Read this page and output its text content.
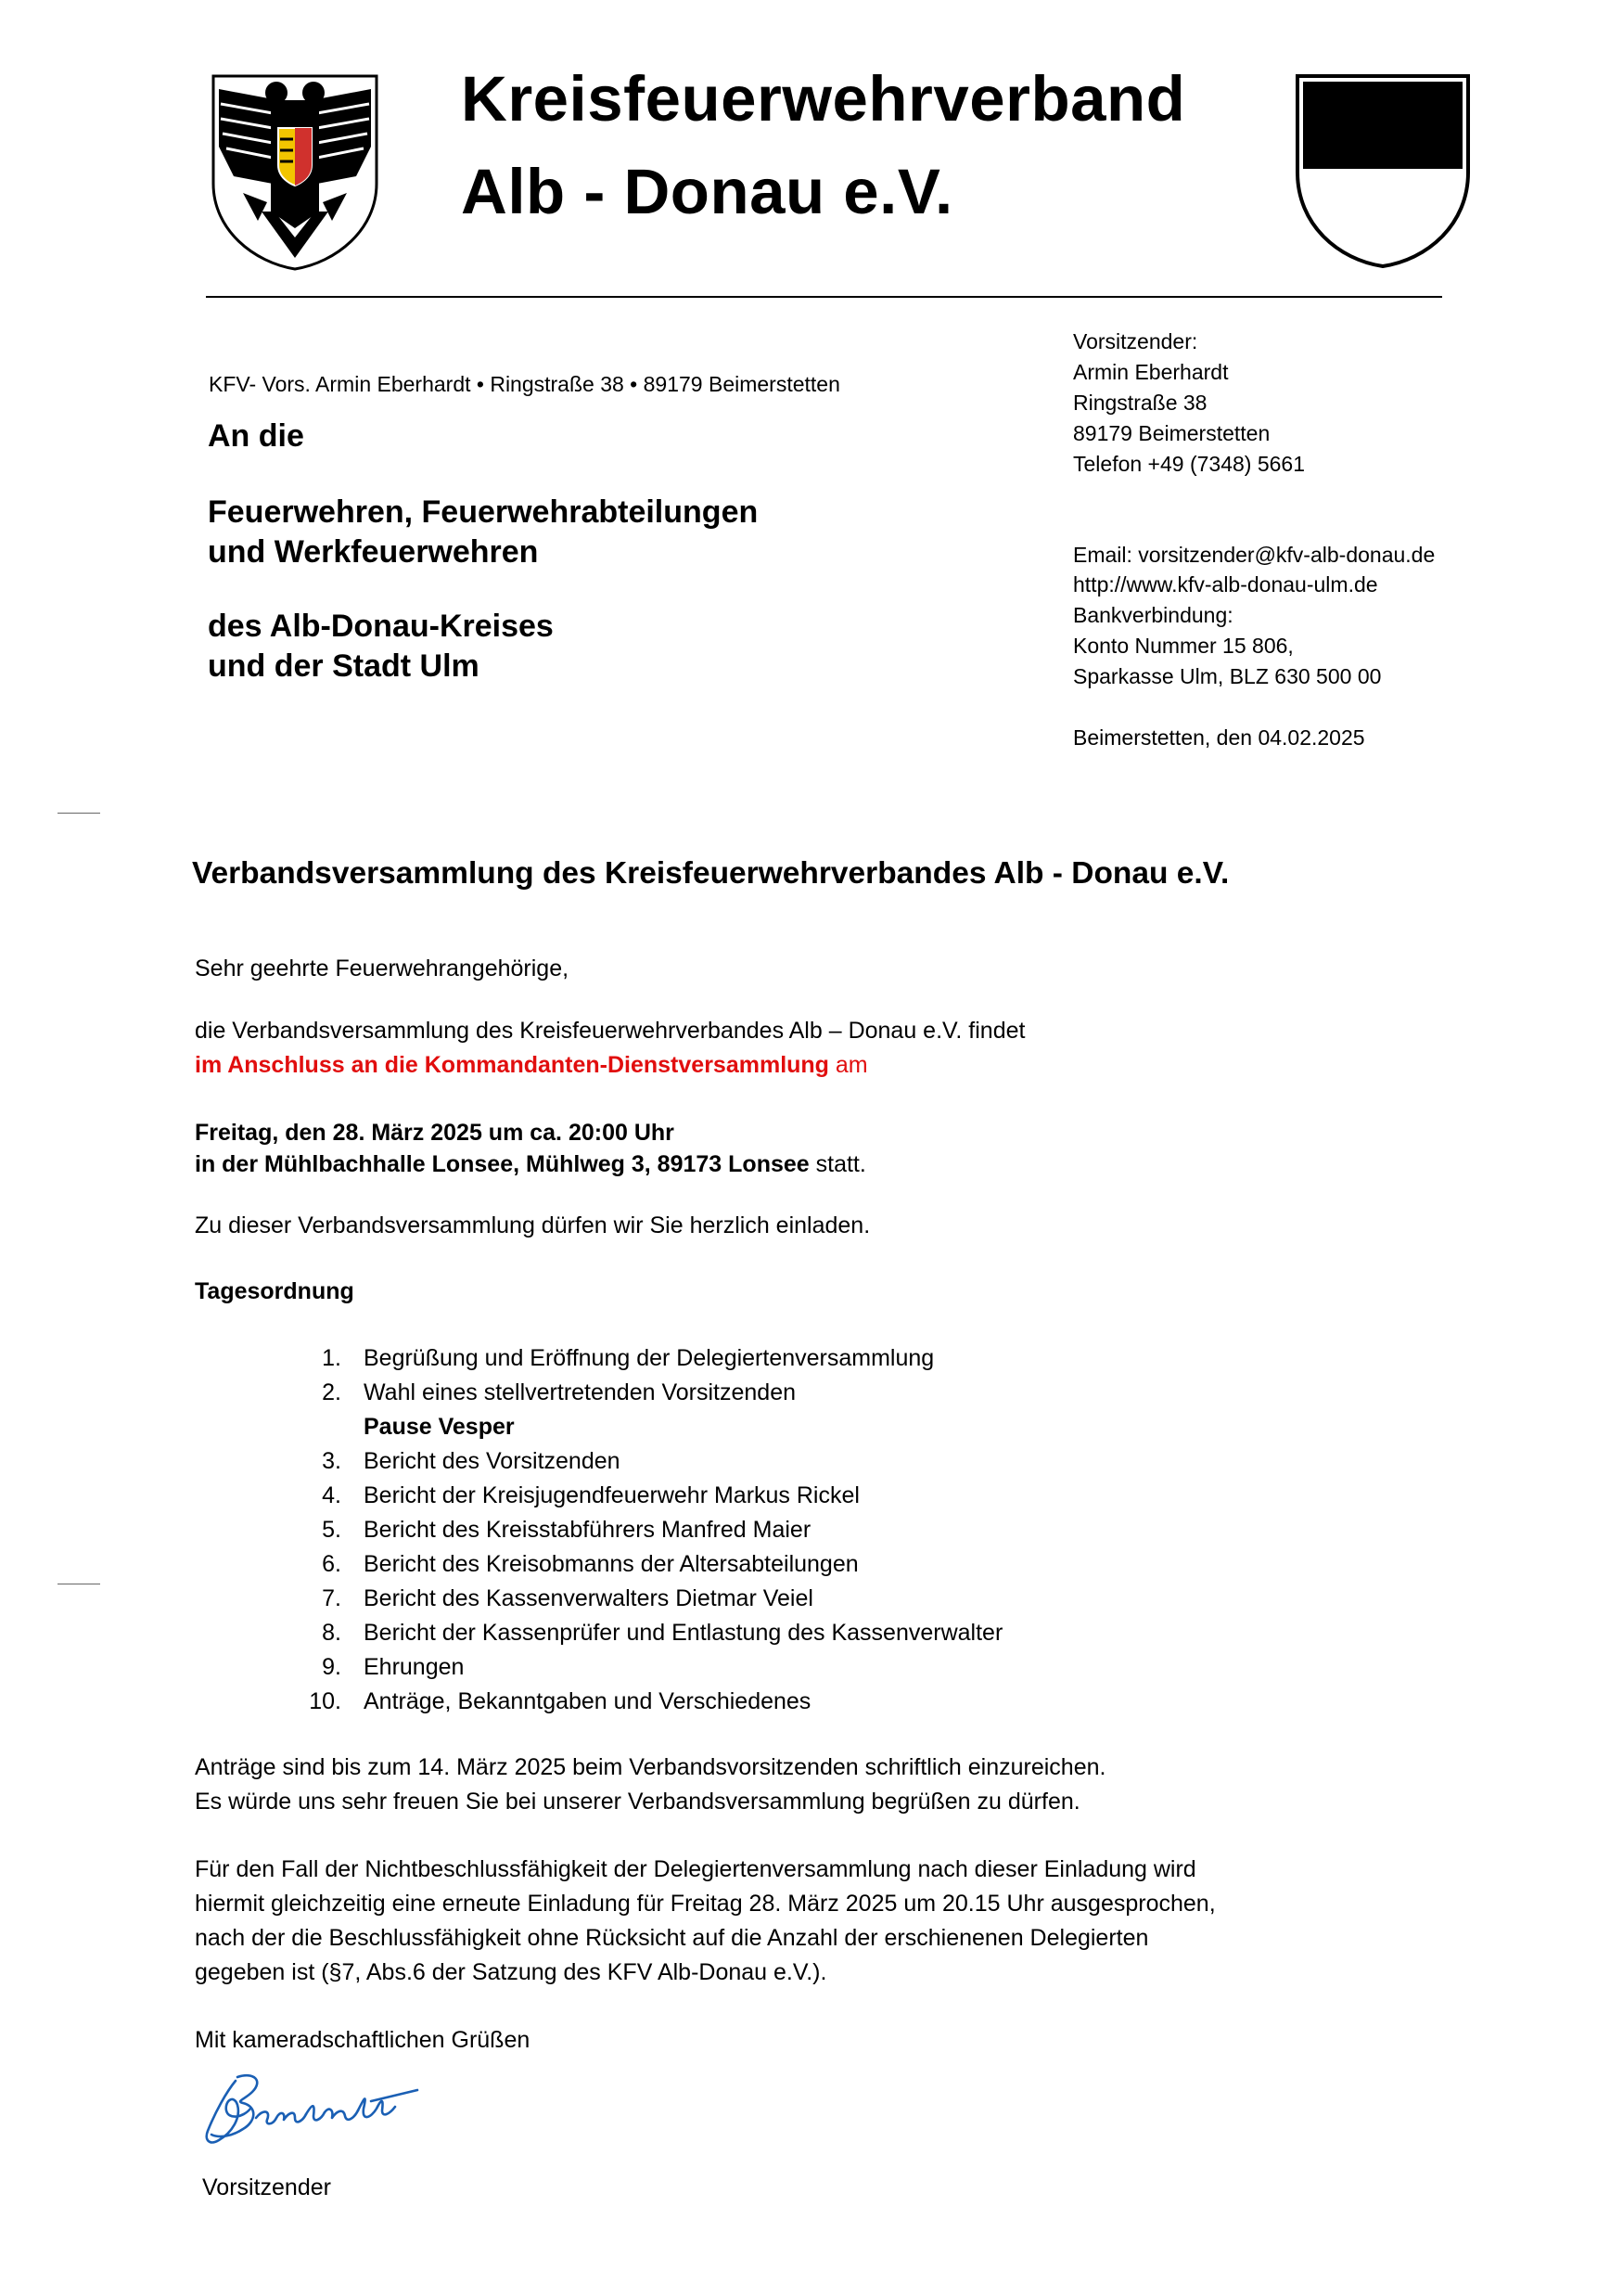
Kreisfeuerwehrverband
Alb - Donau e.V.
KFV- Vors. Armin Eberhardt • Ringstraße 38 • 89179 Beimerstetten
An die
Feuerwehren, Feuerwehrabteilungen
und Werkfeuerwehren
des Alb-Donau-Kreises
und der Stadt Ulm
Vorsitzender:
Armin Eberhardt
Ringstraße 38
89179 Beimerstetten
Telefon +49 (7348) 5661
Email: vorsitzender@kfv-alb-donau.de
http://www.kfv-alb-donau-ulm.de
Bankverbindung:
Konto Nummer 15 806,
Sparkasse Ulm, BLZ 630 500 00
Beimerstetten, den 04.02.2025
Verbandsversammlung des Kreisfeuerwehrverbandes Alb - Donau e.V.
Sehr geehrte Feuerwehrangehörige,
die Verbandsversammlung des Kreisfeuerwehrverbandes Alb – Donau e.V. findet
im Anschluss an die Kommandanten-Dienstversammlung am
Freitag, den 28. März 2025 um ca. 20:00 Uhr
in der Mühlbachhalle Lonsee, Mühlweg 3, 89173 Lonsee statt.
Zu dieser Verbandsversammlung dürfen wir Sie herzlich einladen.
Tagesordnung
1. Begrüßung und Eröffnung der Delegiertenversammlung
2. Wahl eines stellvertretenden Vorsitzenden
Pause Vesper
3. Bericht des Vorsitzenden
4. Bericht der Kreisjugendfeuerwehr Markus Rickel
5. Bericht des Kreisstabführers Manfred Maier
6. Bericht des Kreisobmanns der Altersabteilungen
7. Bericht des Kassenverwalters Dietmar Veiel
8. Bericht der Kassenprüfer und Entlastung des Kassenverwalter
9. Ehrungen
10. Anträge, Bekanntgaben und Verschiedenes
Anträge sind bis zum 14. März 2025 beim Verbandsvorsitzenden schriftlich einzureichen.
Es würde uns sehr freuen Sie bei unserer Verbandsversammlung begrüßen zu dürfen.
Für den Fall der Nichtbeschlussfähigkeit der Delegiertenversammlung nach dieser Einladung wird
hiermit gleichzeitig eine erneute Einladung für Freitag 28. März 2025 um 20.15 Uhr ausgesprochen,
nach der die Beschlussfähigkeit ohne Rücksicht auf die Anzahl der erschienenen Delegierten
gegeben ist (§7, Abs.6 der Satzung des KFV Alb-Donau e.V.).
Mit kameradschaftlichen Grüßen
Vorsitzender
